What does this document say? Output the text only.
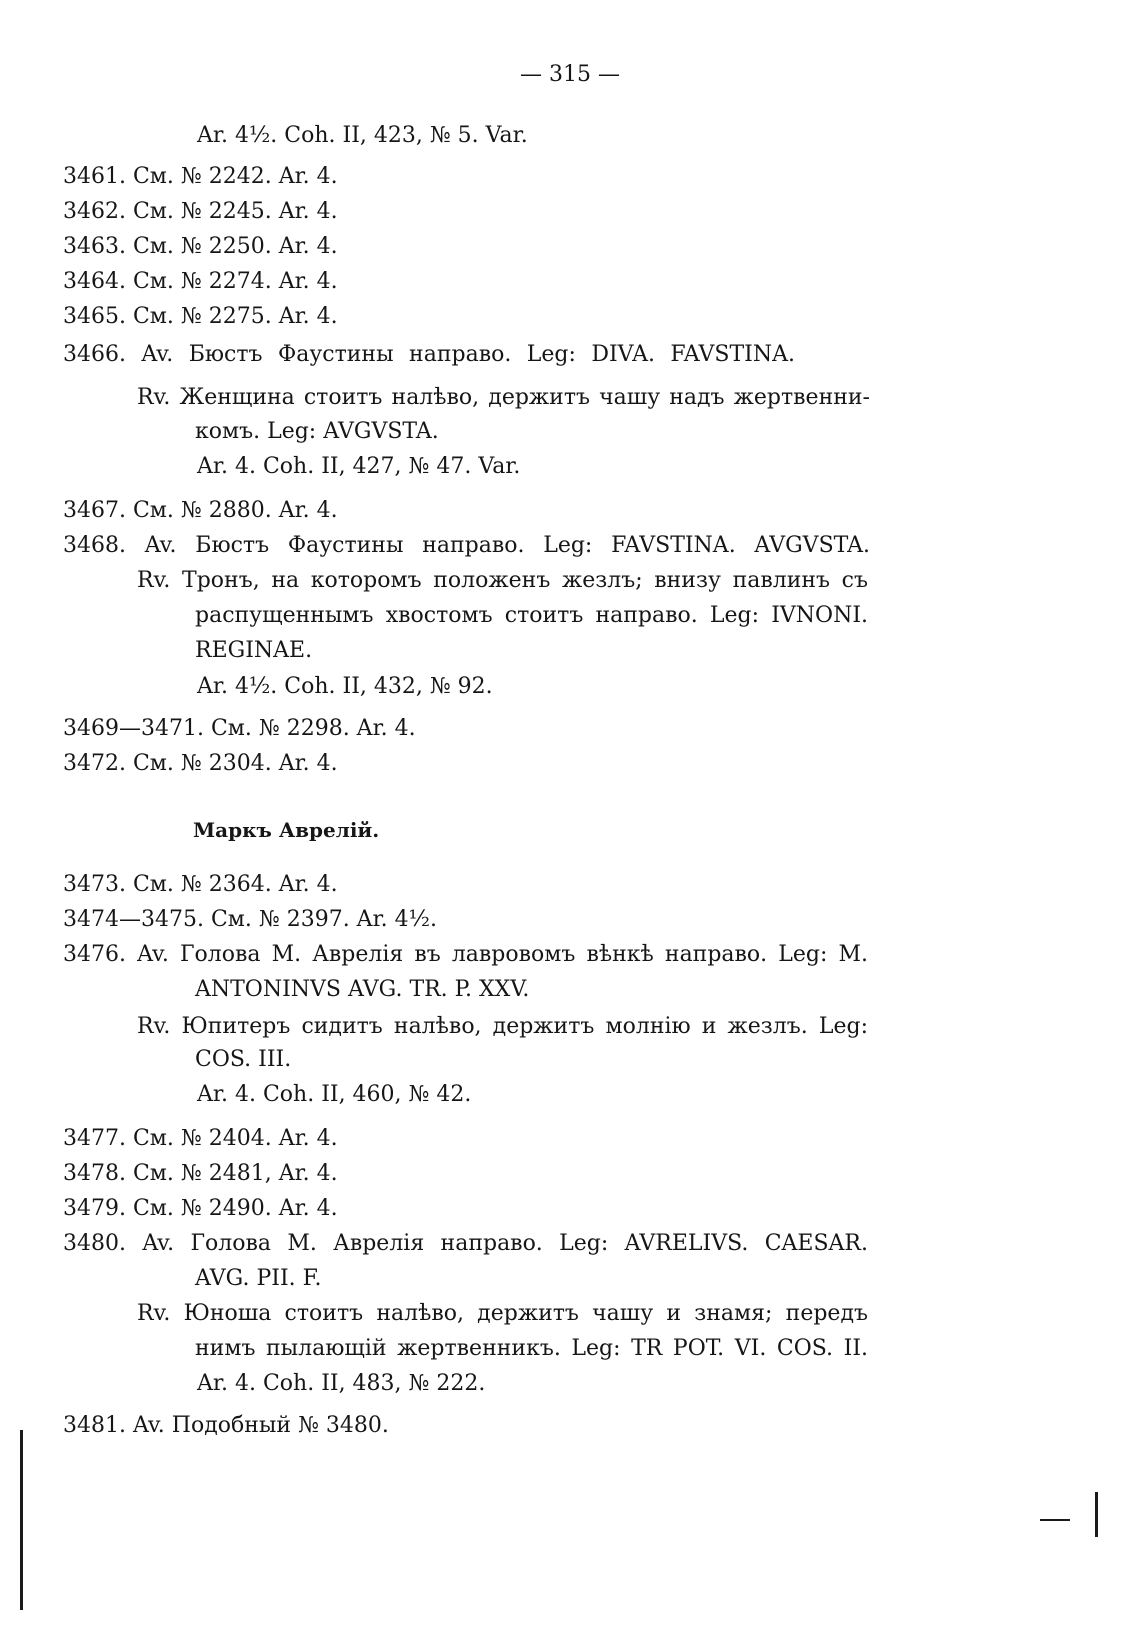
— 315 —
Ar. 4½. Coh. II, 423, № 5. Var.
3461. См. № 2242. Ar. 4.
3462. См. № 2245. Ar. 4.
3463. См. № 2250. Ar. 4.
3464. См. № 2274. Ar. 4.
3465. См. № 2275. Ar. 4.
3466. Av. Бюстъ Фаустины направо. Leg: DIVA. FAVSTINA.
Rv. Женщина стоитъ налѣво, держитъ чашу надъ жертвенни-
комъ. Leg: AVGVSTA.
Ar. 4. Coh. II, 427, № 47. Var.
3467. См. № 2880. Ar. 4.
3468. Av. Бюстъ Фаустины направо. Leg: FAVSTINA. AVGVSTA.
Rv. Тронъ, на которомъ положенъ жезлъ; внизу павлинъ съ
распущеннымъ хвостомъ стоитъ направо. Leg: IVNONI.
REGINAE.
Ar. 4½. Coh. II, 432, № 92.
3469—3471. См. № 2298. Ar. 4.
3472. См. № 2304. Ar. 4.
Маркъ Аврелій.
3473. См. № 2364. Ar. 4.
3474—3475. См. № 2397. Ar. 4½.
3476. Av. Голова М. Аврелія въ лавровомъ вѣнкѣ направо. Leg: M.
ANTONINVS AVG. TR. P. XXV.
Rv. Юпитеръ сидитъ налѣво, держитъ молнію и жезлъ. Leg:
COS. III.
Ar. 4. Coh. II, 460, № 42.
3477. См. № 2404. Ar. 4.
3478. См. № 2481, Ar. 4.
3479. См. № 2490. Ar. 4.
3480. Av. Голова М. Аврелія направо. Leg: AVRELIVS. CAESAR.
AVG. PII. F.
Rv. Юноша стоитъ налѣво, держитъ чашу и знамя; передъ
нимъ пылающій жертвенникъ. Leg: TR POT. VI. COS. II.
Ar. 4. Coh. II, 483, № 222.
3481. Av. Подобный № 3480.
